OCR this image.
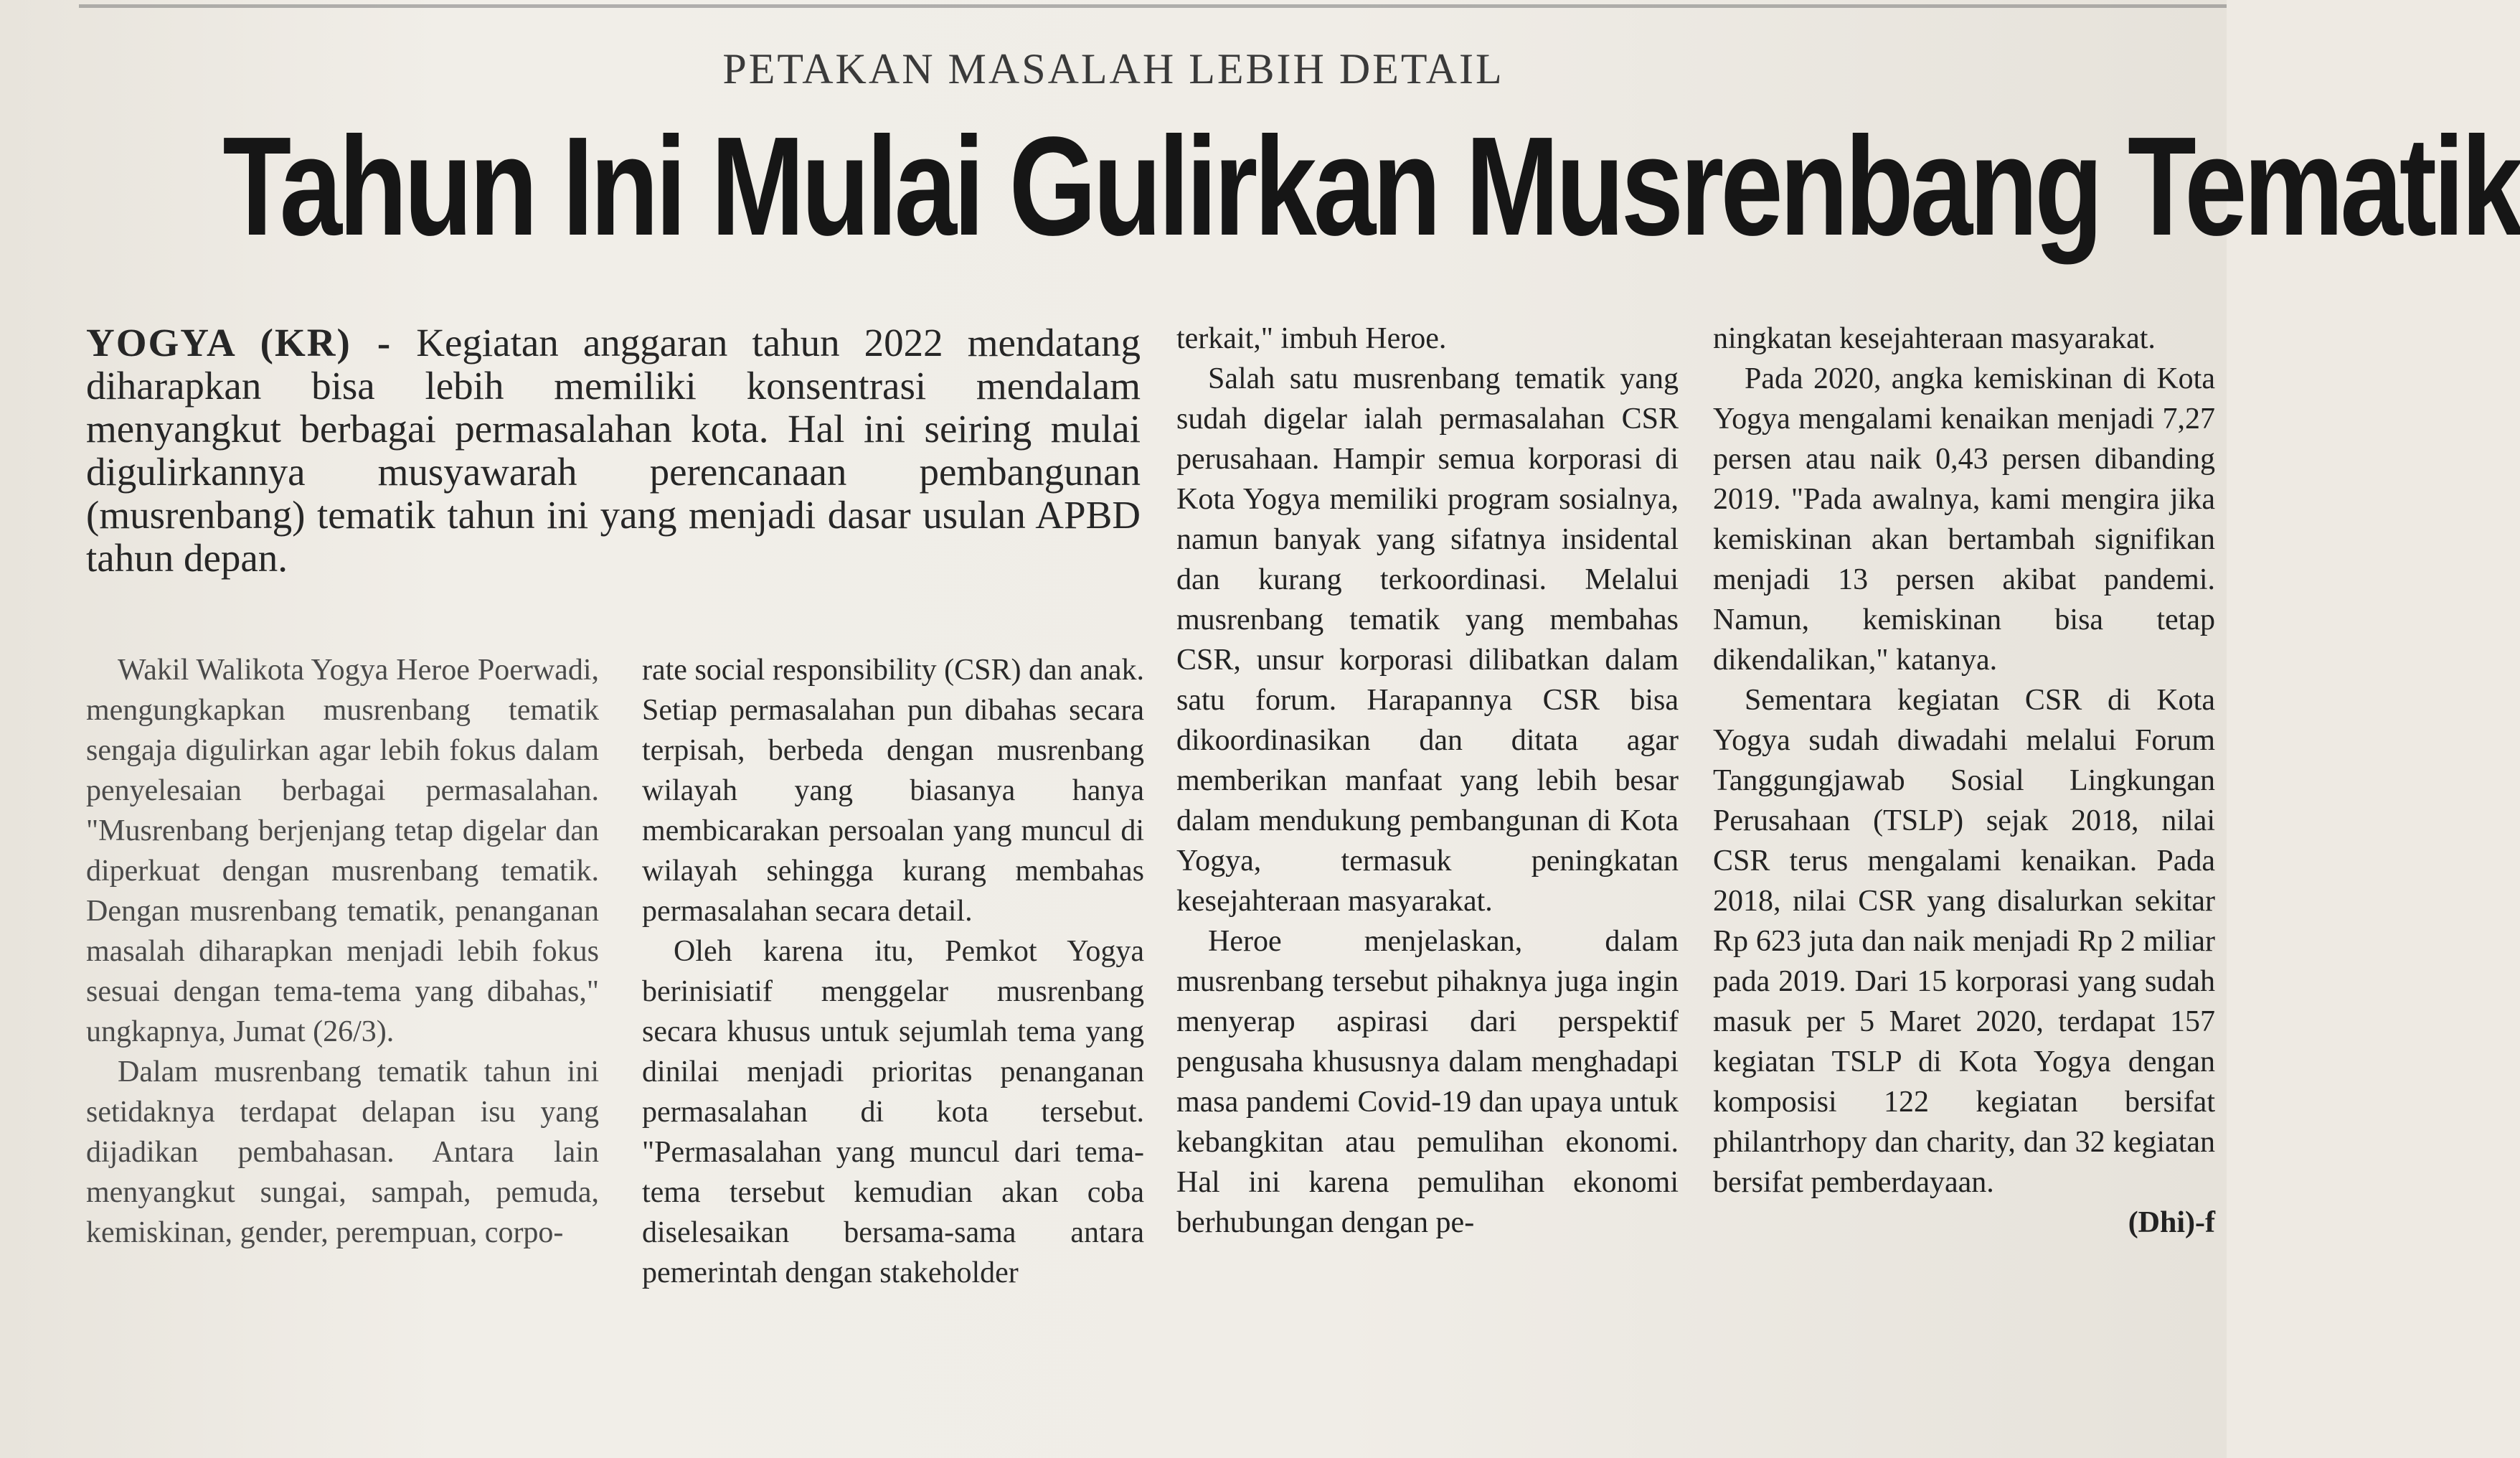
PETAKAN MASALAH LEBIH DETAIL
Tahun Ini Mulai Gulirkan Musrenbang Tematik

YOGYA (KR) - Kegiatan anggaran tahun 2022 mendatang diharapkan bisa lebih memiliki konsentrasi mendalam menyangkut berbagai permasalahan kota. Hal ini seiring mulai digulirkannya musyawarah perencanaan pembangunan (musrenbang) tematik tahun ini yang menjadi dasar usulan APBD tahun depan.

Wakil Walikota Yogya Heroe Poerwadi, mengungkapkan musrenbang tematik sengaja digulirkan agar lebih fokus dalam penyelesaian berbagai permasalahan. "Musrenbang berjenjang tetap digelar dan diperkuat dengan musrenbang tematik. Dengan musrenbang tematik, penanganan masalah diharapkan menjadi lebih fokus sesuai dengan tema-tema yang dibahas," ungkapnya, Jumat (26/3).

Dalam musrenbang tematik tahun ini setidaknya terdapat delapan isu yang dijadikan pembahasan. Antara lain menyangkut sungai, sampah, pemuda, kemiskinan, gender, perempuan, corpo-

rate social responsibility (CSR) dan anak. Setiap permasalahan pun dibahas secara terpisah, berbeda dengan musrenbang wilayah yang biasanya hanya membicarakan persoalan yang muncul di wilayah sehingga kurang membahas permasalahan secara detail.

Oleh karena itu, Pemkot Yogya berinisiatif menggelar musrenbang secara khusus untuk sejumlah tema yang dinilai menjadi prioritas penanganan permasalahan di kota tersebut. "Permasalahan yang muncul dari tema-tema tersebut kemudian akan coba diselesaikan bersama-sama antara pemerintah dengan stakeholder

terkait," imbuh Heroe.

Salah satu musrenbang tematik yang sudah digelar ialah permasalahan CSR perusahaan. Hampir semua korporasi di Kota Yogya memiliki program sosialnya, namun banyak yang sifatnya insidental dan kurang terkoordinasi. Melalui musrenbang tematik yang membahas CSR, unsur korporasi dilibatkan dalam satu forum. Harapannya CSR bisa dikoordinasikan dan ditata agar memberikan manfaat yang lebih besar dalam mendukung pembangunan di Kota Yogya, termasuk peningkatan kesejahteraan masyarakat.

Heroe menjelaskan, dalam musrenbang tersebut pihaknya juga ingin menyerap aspirasi dari perspektif pengusaha khususnya dalam menghadapi masa pandemi Covid-19 dan upaya untuk kebangkitan atau pemulihan ekonomi. Hal ini karena pemulihan ekonomi berhubungan dengan pe-

ningkatan kesejahteraan masyarakat.

Pada 2020, angka kemiskinan di Kota Yogya mengalami kenaikan menjadi 7,27 persen atau naik 0,43 persen dibanding 2019. "Pada awalnya, kami mengira jika kemiskinan akan bertambah signifikan menjadi 13 persen akibat pandemi. Namun, kemiskinan bisa tetap dikendalikan," katanya.

Sementara kegiatan CSR di Kota Yogya sudah diwadahi melalui Forum Tanggungjawab Sosial Lingkungan Perusahaan (TSLP) sejak 2018, nilai CSR terus mengalami kenaikan. Pada 2018, nilai CSR yang disalurkan sekitar Rp 623 juta dan naik menjadi Rp 2 miliar pada 2019. Dari 15 korporasi yang sudah masuk per 5 Maret 2020, terdapat 157 kegiatan TSLP di Kota Yogya dengan komposisi 122 kegiatan bersifat philantrhopy dan charity, dan 32 kegiatan bersifat pemberdayaan.

(Dhi)-f
